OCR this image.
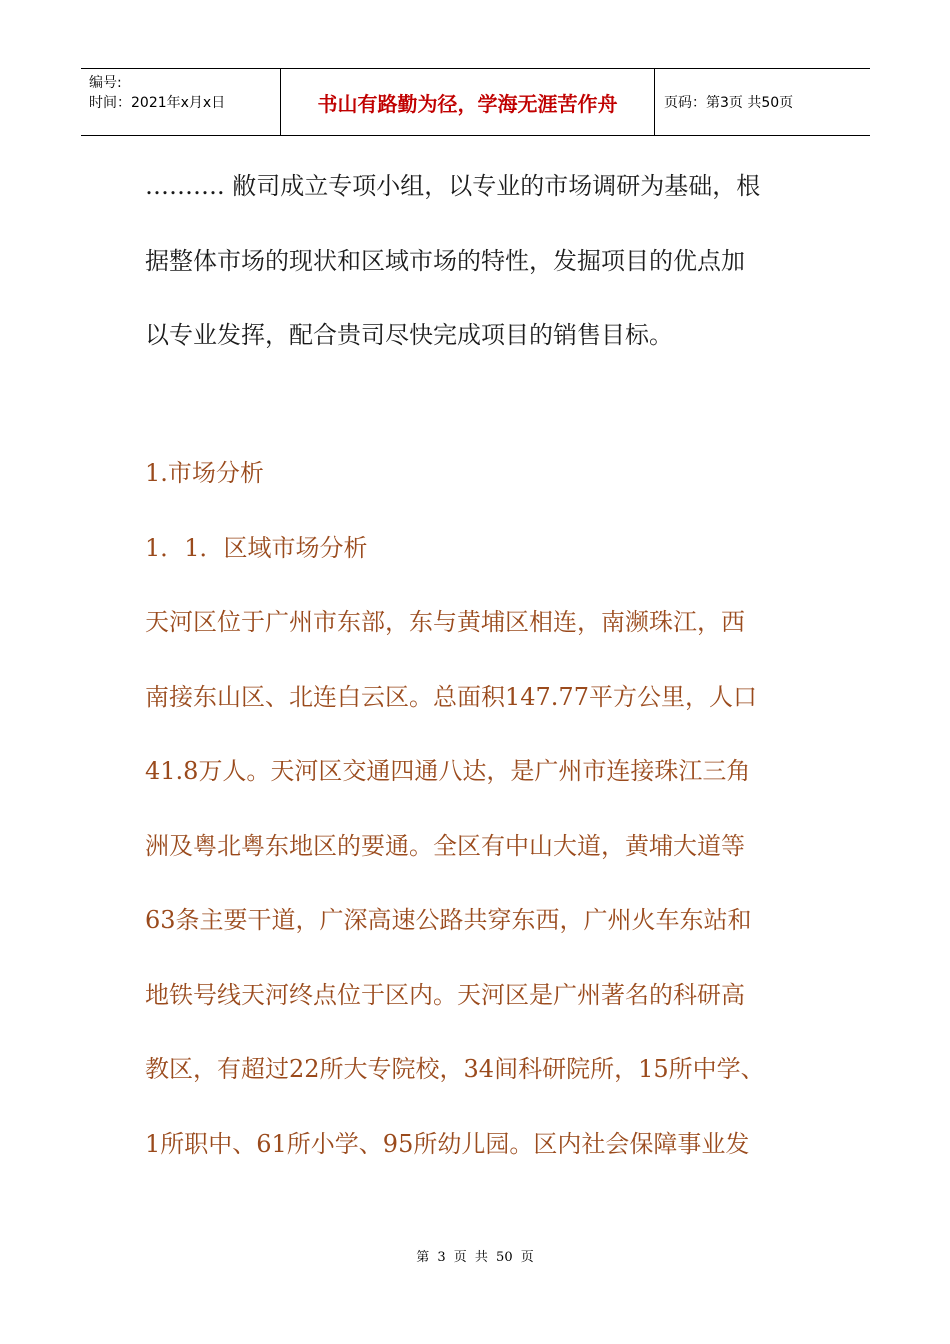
编号:
时间：2021年x月x日	书山有路勤为径，学海无涯苦作舟	页码：第3页 共50页
………. 敝司成立专项小组，以专业的市场调研为基础，根
据整体市场的现状和区域市场的特性，发掘项目的优点加
以专业发挥，配合贵司尽快完成项目的销售目标。
1.市场分析
1．1．区域市场分析
天河区位于广州市东部，东与黄埔区相连，南濒珠江，西
南接东山区、北连白云区。总面积147.77平方公里，人口
41.8万人。天河区交通四通八达，是广州市连接珠江三角
洲及粤北粤东地区的要通。全区有中山大道，黄埔大道等
63条主要干道，广深高速公路共穿东西，广州火车东站和
地铁号线天河终点位于区内。天河区是广州著名的科研高
教区，有超过22所大专院校，34间科研院所，15所中学、
1所职中、61所小学、95所幼儿园。区内社会保障事业发
第 3 页 共 50 页
